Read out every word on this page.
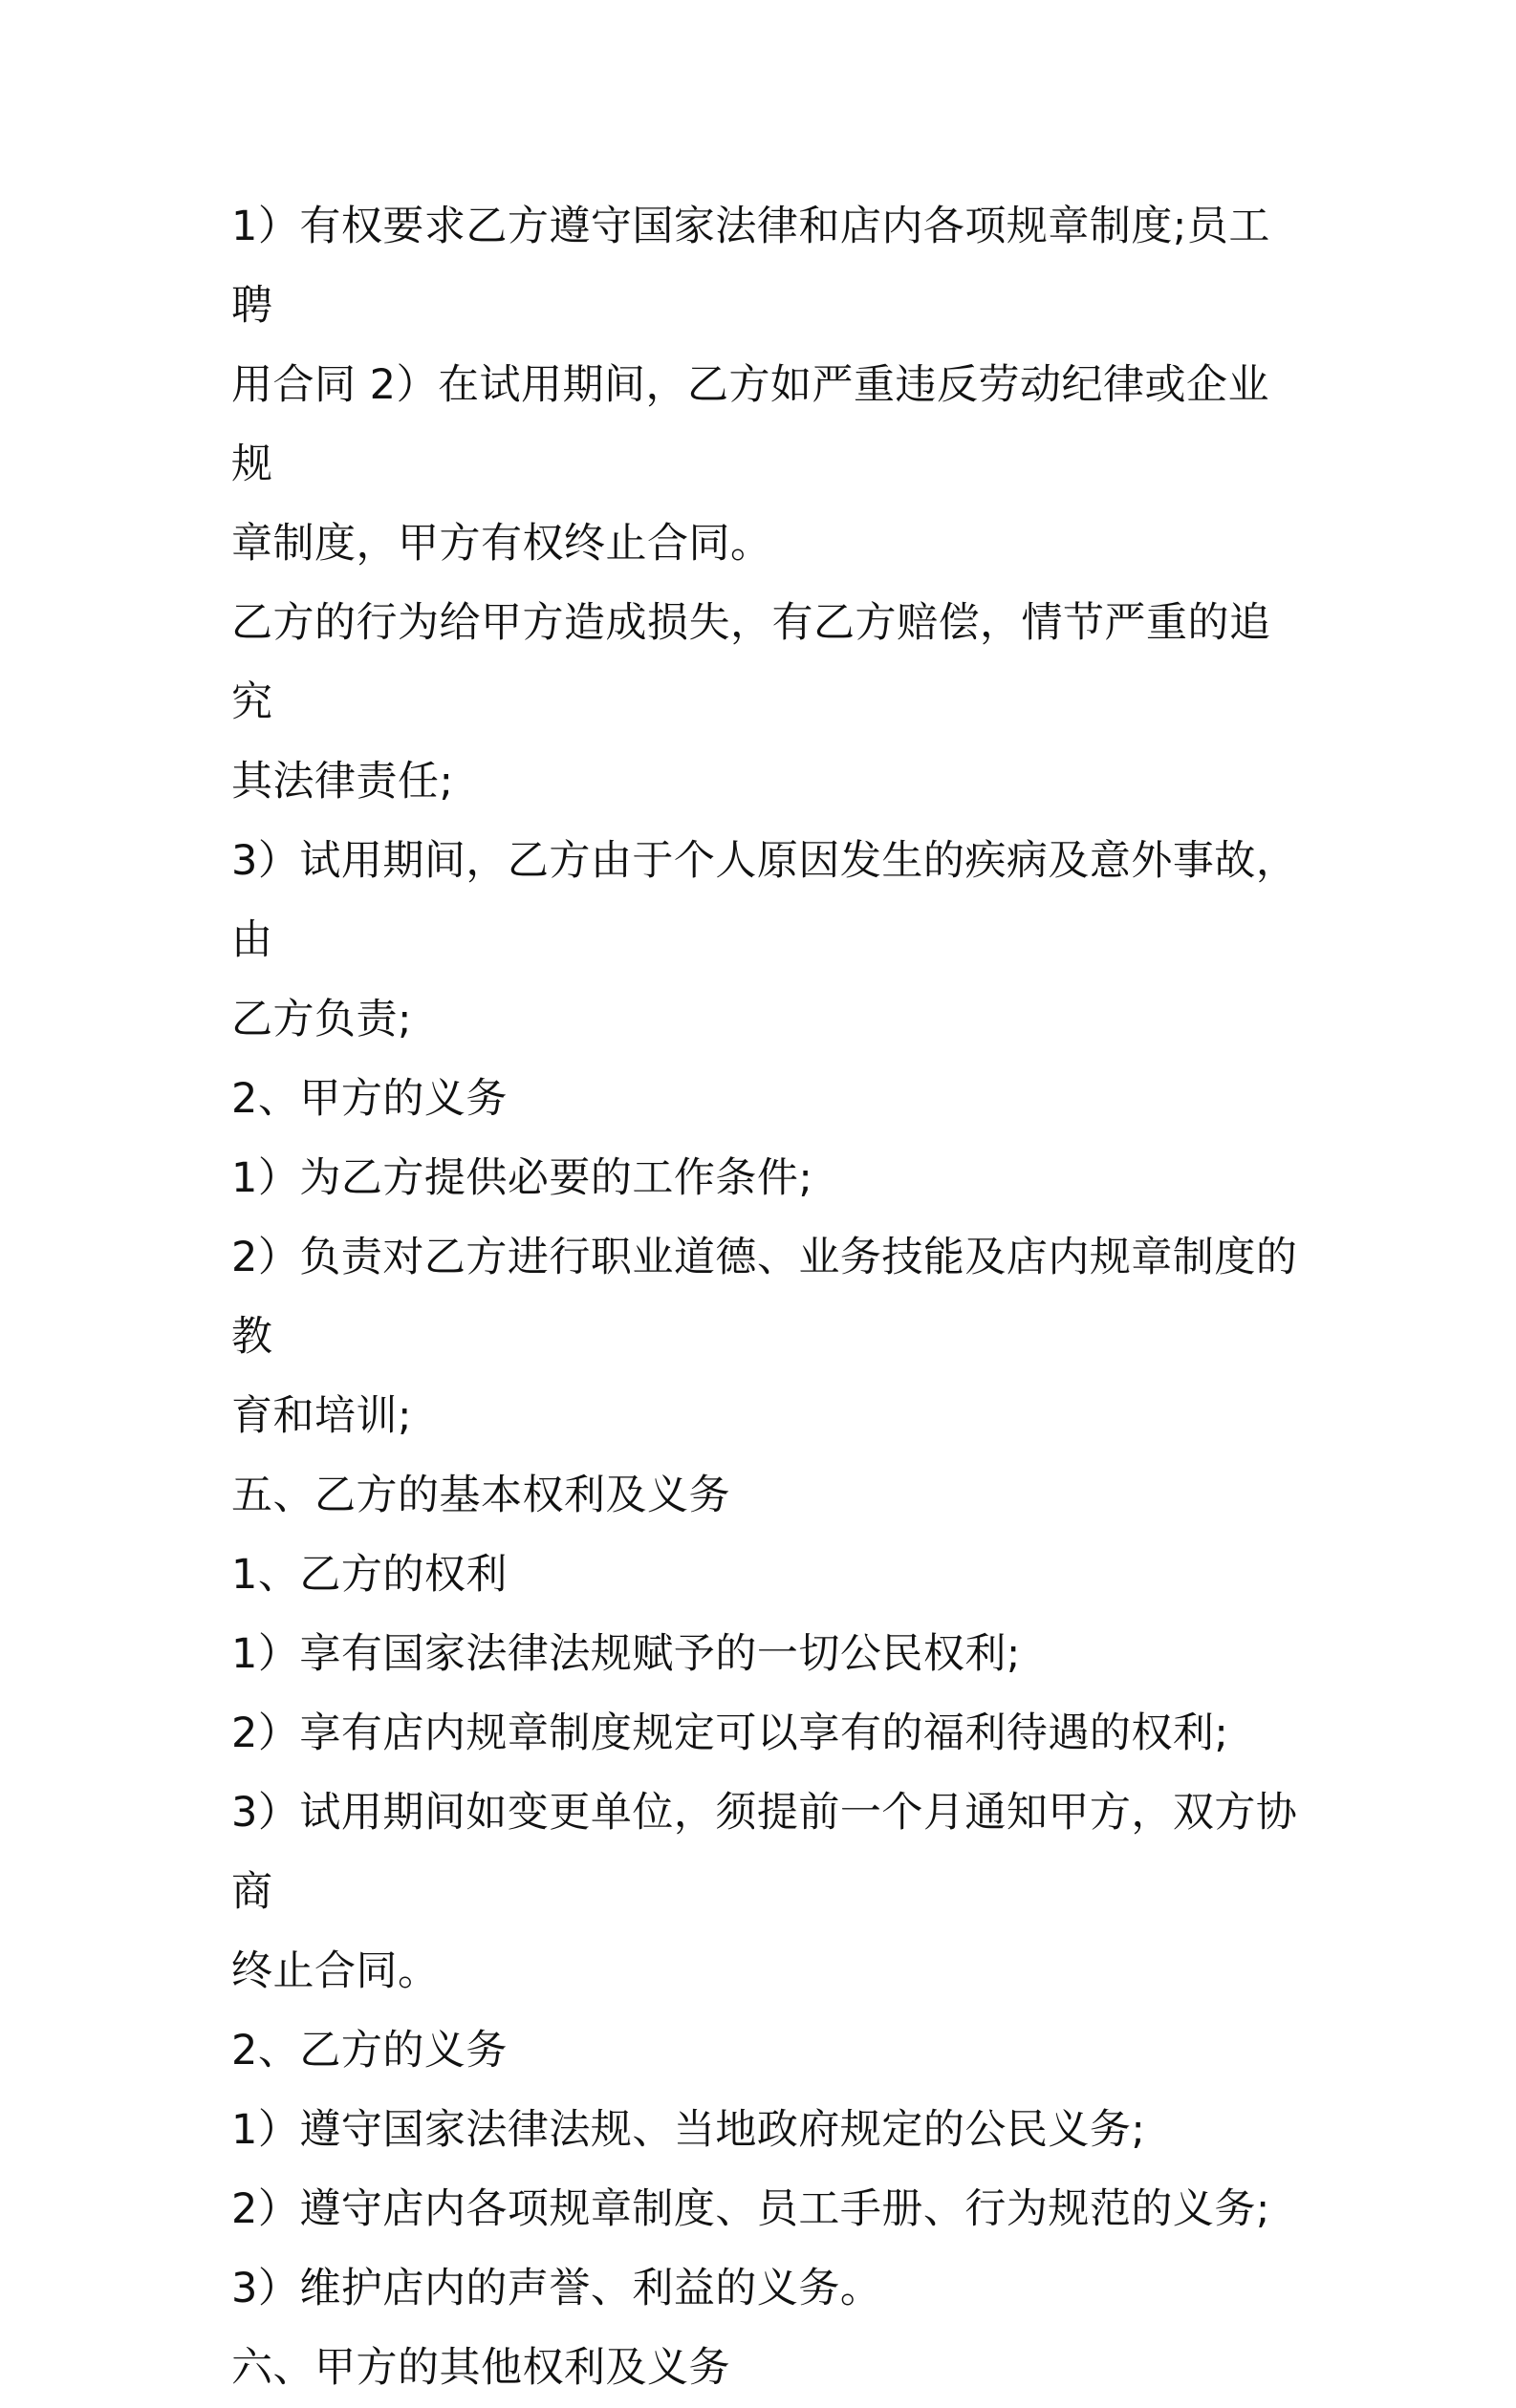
1）有权要求乙方遵守国家法律和店内各项规章制度;员工聘

用合同 2）在试用期间，乙方如严重违反劳动纪律或企业规

章制度，甲方有权终止合同。

乙方的行为给甲方造成损失，有乙方赔偿，情节严重的追究

其法律责任;

3）试用期间，乙方由于个人原因发生的疾病及意外事故，由

乙方负责;

2、甲方的义务

1）为乙方提供必要的工作条件;

2）负责对乙方进行职业道德、业务技能及店内规章制度的教

育和培训;

五、乙方的基本权利及义务

1、乙方的权利

1）享有国家法律法规赋予的一切公民权利;

2）享有店内规章制度规定可以享有的福利待遇的权利;

3）试用期间如变更单位，须提前一个月通知甲方，双方协商

终止合同。

2、乙方的义务

1）遵守国家法律法规、当地政府规定的公民义务;

2）遵守店内各项规章制度、员工手册、行为规范的义务;

3）维护店内的声誉、利益的义务。

六、甲方的其他权利及义务
